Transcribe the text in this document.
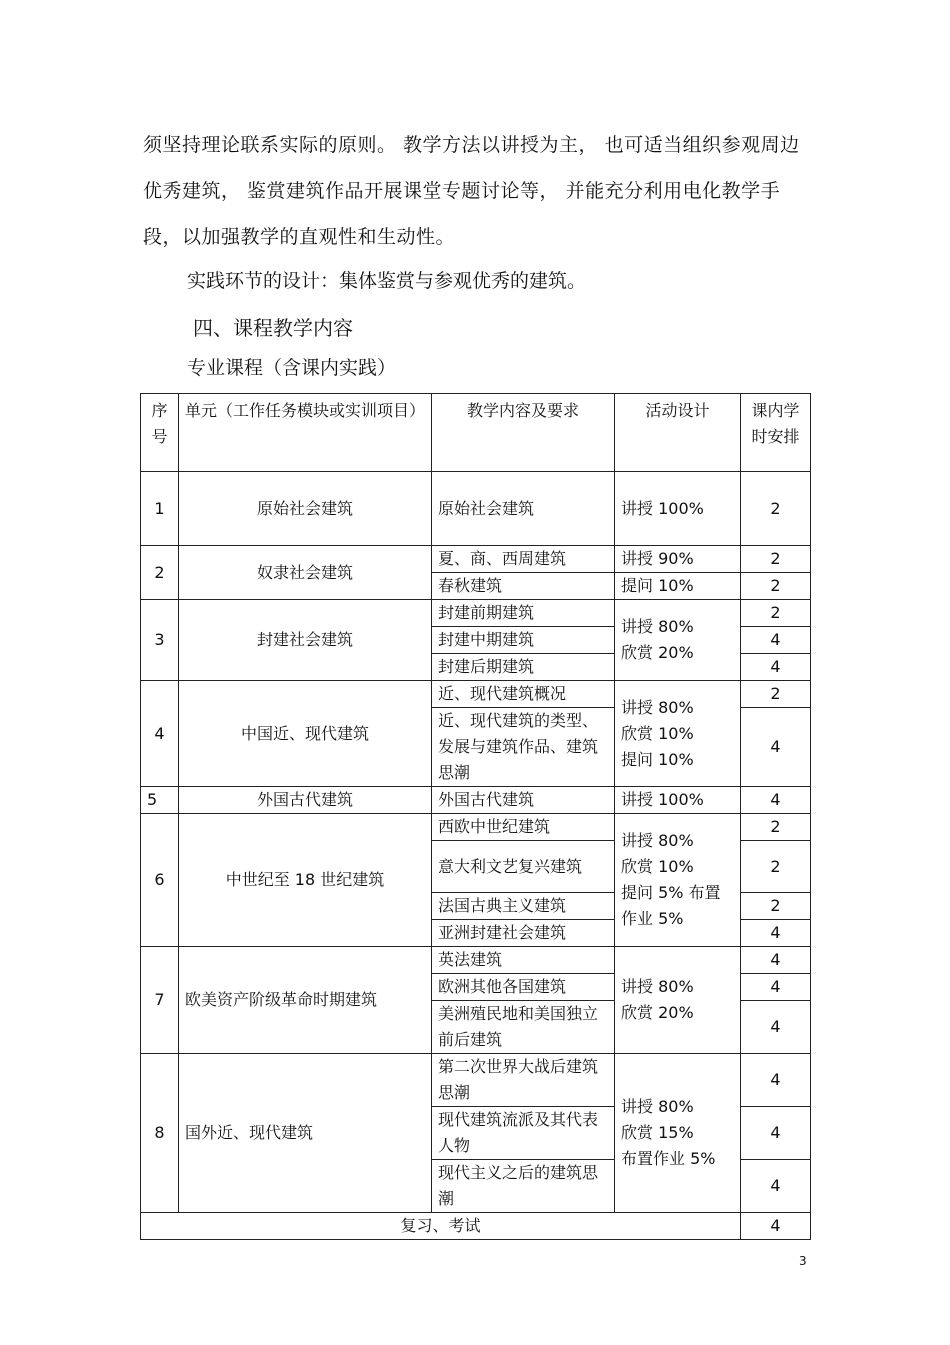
须坚持理论联系实际的原则。 教学方法以讲授为主， 也可适当组织参观周边优秀建筑， 鉴赏建筑作品开展课堂专题讨论等， 并能充分利用电化教学手段，以加强教学的直观性和生动性。
实践环节的设计：集体鉴赏与参观优秀的建筑。
四、课程教学内容
专业课程（含课内实践）
序号	单元（工作任务模块或实训项目）	教学内容及要求	活动设计	课内学时安排
1	原始社会建筑	原始社会建筑	讲授 100%	2
2	奴隶社会建筑	夏、商、西周建筑	讲授 90%	2
		春秋建筑	提问 10%	2
3	封建社会建筑	封建前期建筑	讲授 80%
欣赏 20%	2
		封建中期建筑		4
		封建后期建筑		4
4	中国近、现代建筑	近、现代建筑概况	讲授 80%
欣赏 10%
提问 10%	2
		近、现代建筑的类型、发展与建筑作品、建筑思潮		4
5	外国古代建筑	外国古代建筑	讲授 100%	4
6	中世纪至 18 世纪建筑	西欧中世纪建筑	讲授 80%
欣赏 10%
提问 5% 布置作业 5%	2
		意大利文艺复兴建筑		2
		法国古典主义建筑		2
		亚洲封建社会建筑		4
7	欧美资产阶级革命时期建筑	英法建筑	讲授 80%
欣赏 20%	4
		欧洲其他各国建筑		4
		美洲殖民地和美国独立前后建筑		4
8	国外近、现代建筑	第二次世界大战后建筑思潮	讲授 80%
欣赏 15%
布置作业 5%	4
		现代建筑流派及其代表人物		4
		现代主义之后的建筑思潮		4
复习、考试				4
3
